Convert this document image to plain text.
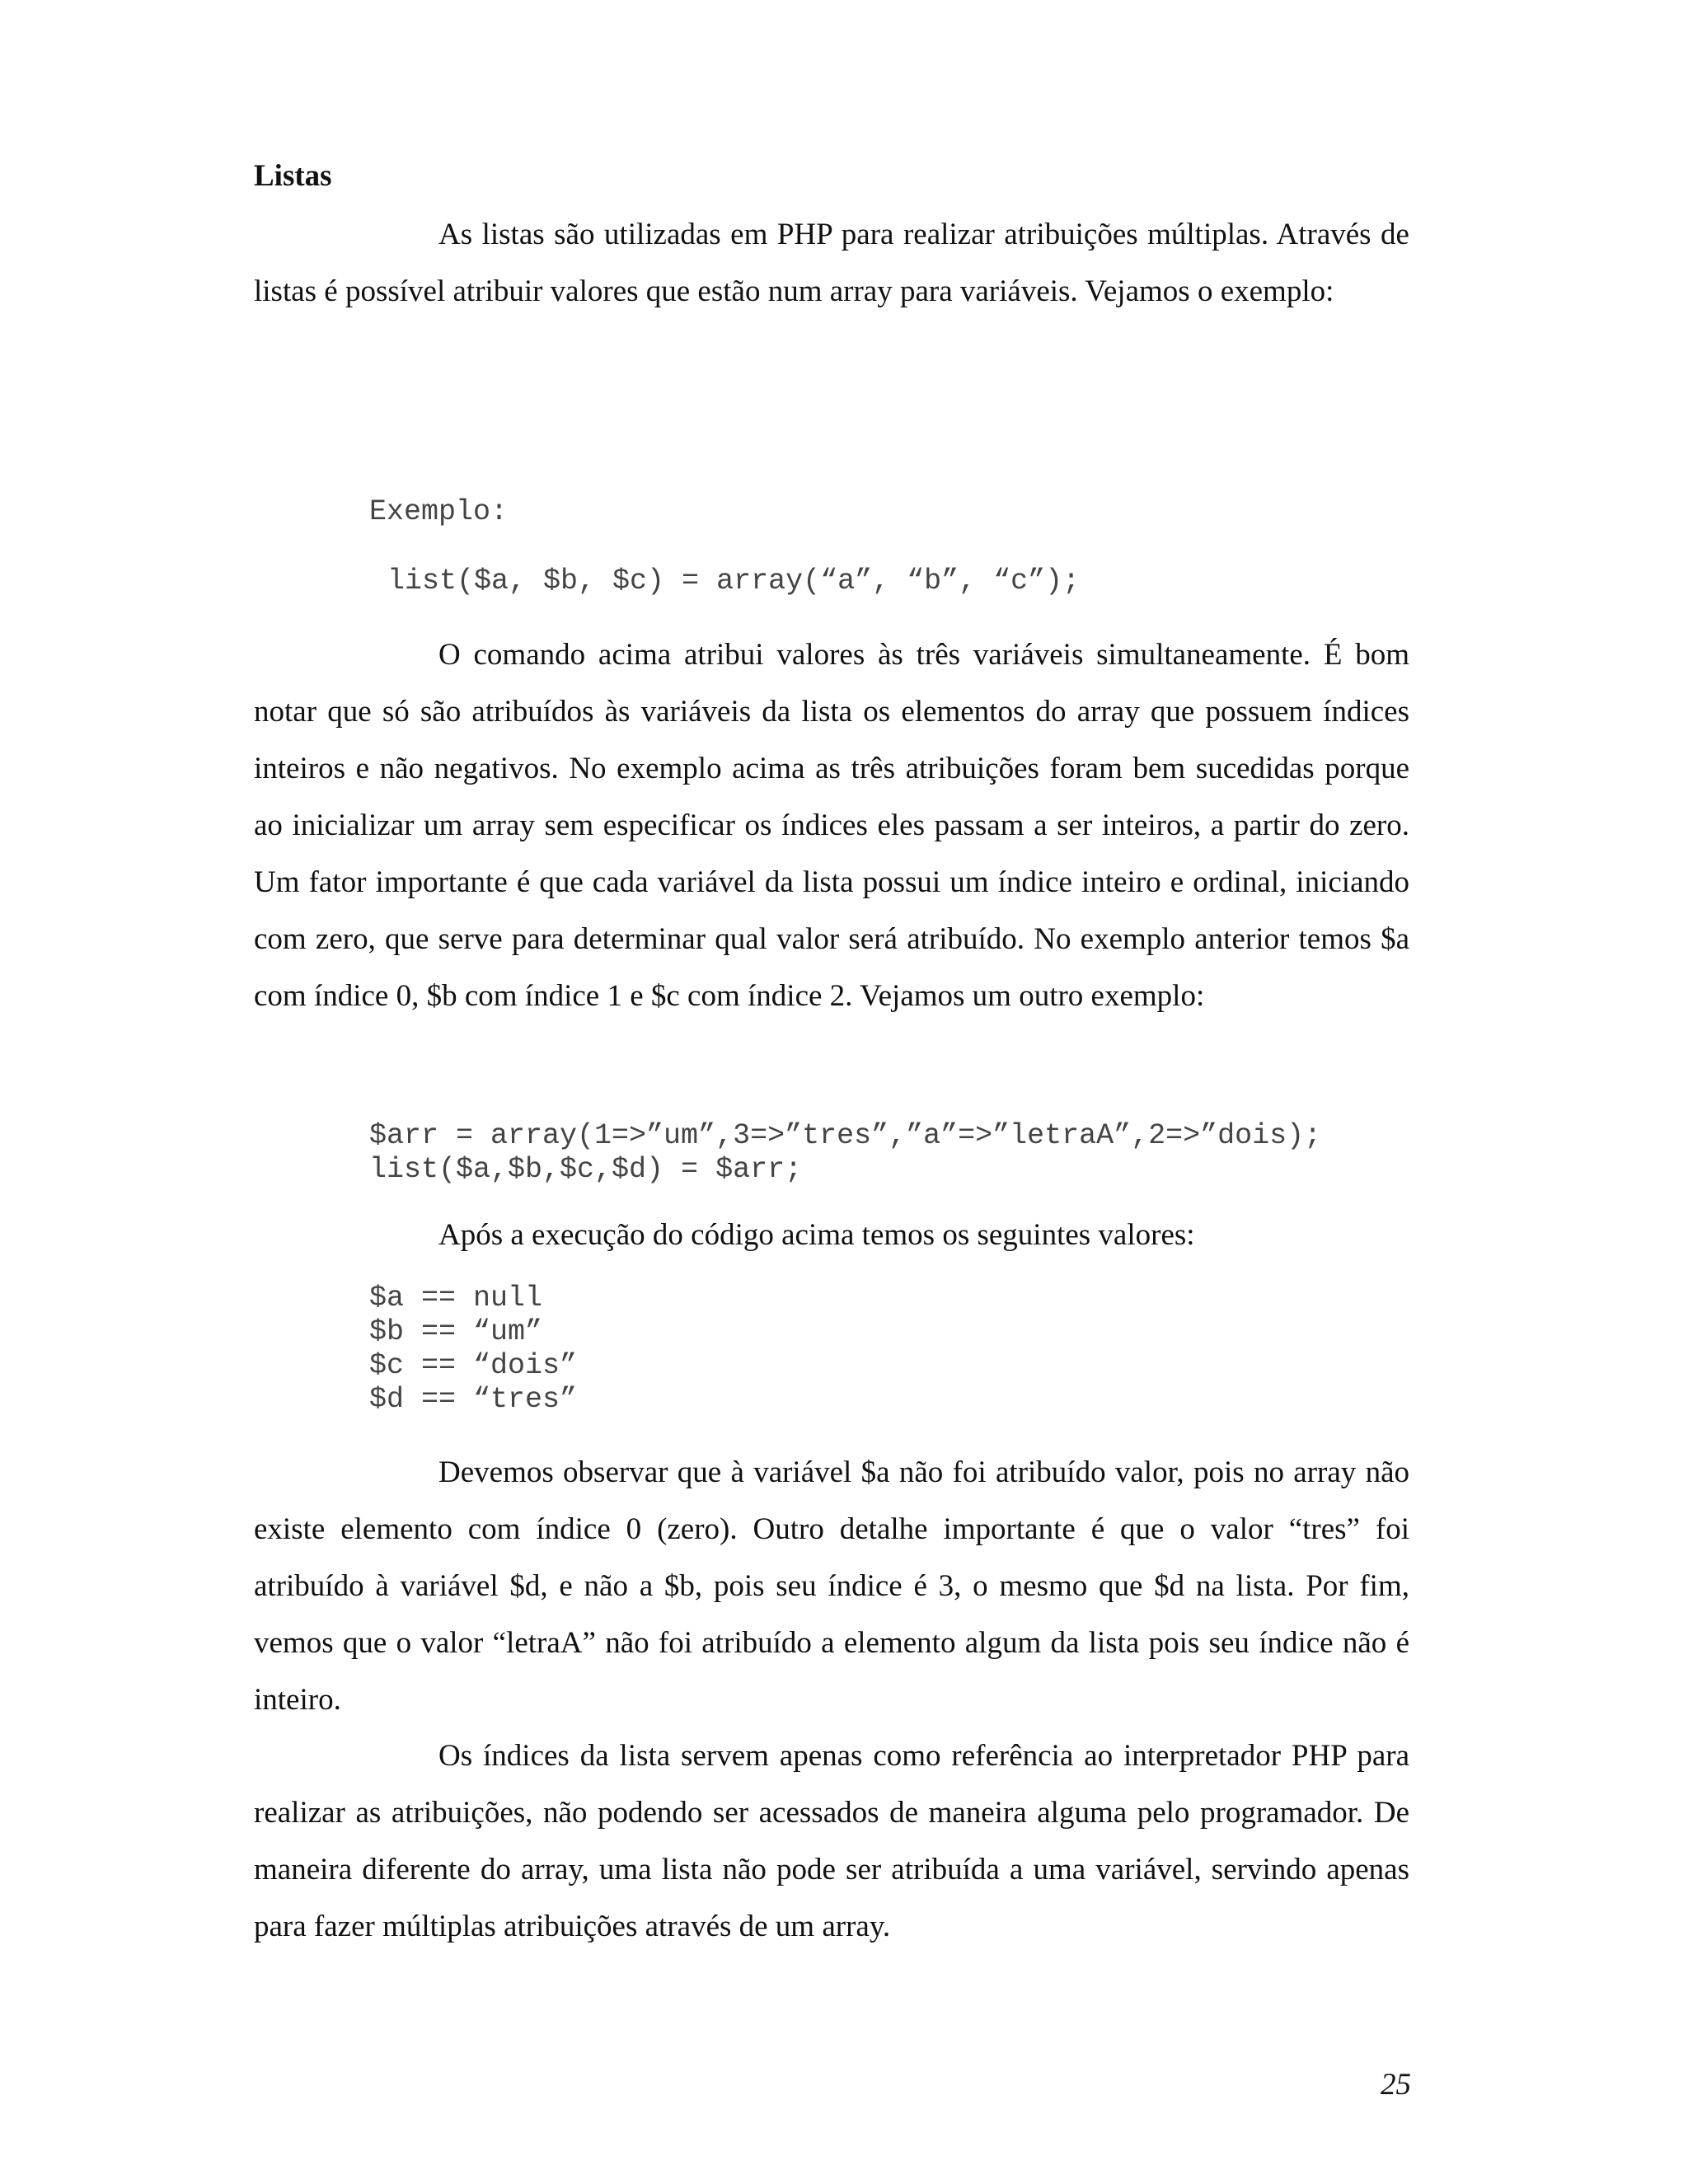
Listas

As listas são utilizadas em PHP para realizar atribuições múltiplas. Através de listas é possível atribuir valores que estão num array para variáveis. Vejamos o exemplo:

Exemplo:
list($a, $b, $c) = array(“a”, “b”, “c”);

O comando acima atribui valores às três variáveis simultaneamente. É bom notar que só são atribuídos às variáveis da lista os elementos do array que possuem índices inteiros e não negativos. No exemplo acima as três atribuições foram bem sucedidas porque ao inicializar um array sem especificar os índices eles passam a ser inteiros, a partir do zero. Um fator importante é que cada variável da lista possui um índice inteiro e ordinal, iniciando com zero, que serve para determinar qual valor será atribuído. No exemplo anterior temos $a com índice 0, $b com índice 1 e $c com índice 2. Vejamos um outro exemplo:

$arr = array(1=>”um”,3=>”tres”,”a”=>”letraA”,2=>”dois);
list($a,$b,$c,$d) = $arr;
Após a execução do código acima temos os seguintes valores:
$a == null
$b == “um”
$c == “dois”
$d == “tres”

Devemos observar que à variável $a não foi atribuído valor, pois no array não existe elemento com índice 0 (zero). Outro detalhe importante é que o valor “tres” foi atribuído à variável $d, e não a $b, pois seu índice é 3, o mesmo que $d na lista. Por fim, vemos que o valor “letraA” não foi atribuído a elemento algum da lista pois seu índice não é inteiro.

Os índices da lista servem apenas como referência ao interpretador PHP para realizar as atribuições, não podendo ser acessados de maneira alguma pelo programador. De maneira diferente do array, uma lista não pode ser atribuída a uma variável, servindo apenas para fazer múltiplas atribuições através de um array.

25
